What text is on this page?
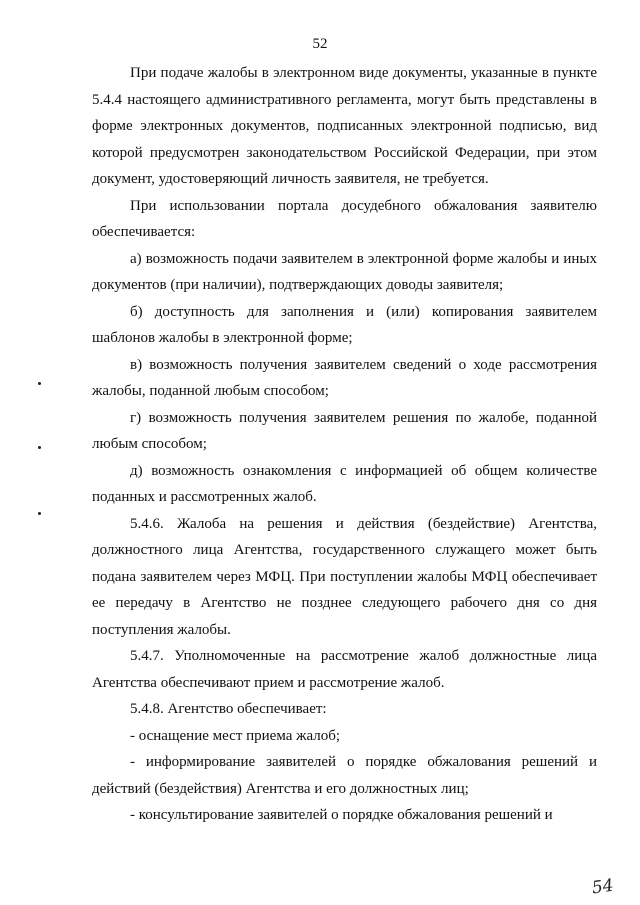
52

При подаче жалобы в электронном виде документы, указанные в пункте 5.4.4 настоящего административного регламента, могут быть представлены в форме электронных документов, подписанных электронной подписью, вид которой предусмотрен законодательством Российской Федерации, при этом документ, удостоверяющий личность заявителя, не требуется.

При использовании портала досудебного обжалования заявителю обеспечивается:

а) возможность подачи заявителем в электронной форме жалобы и иных документов (при наличии), подтверждающих доводы заявителя;

б) доступность для заполнения и (или) копирования заявителем шаблонов жалобы в электронной форме;

в) возможность получения заявителем сведений о ходе рассмотрения жалобы, поданной любым способом;

г) возможность получения заявителем решения по жалобе, поданной любым способом;

д) возможность ознакомления с информацией об общем количестве поданных и рассмотренных жалоб.

5.4.6. Жалоба на решения и действия (бездействие) Агентства, должностного лица Агентства, государственного служащего может быть подана заявителем через МФЦ. При поступлении жалобы МФЦ обеспечивает ее передачу в Агентство не позднее следующего рабочего дня со дня поступления жалобы.

5.4.7. Уполномоченные на рассмотрение жалоб должностные лица Агентства обеспечивают прием и рассмотрение жалоб.

5.4.8. Агентство обеспечивает:

- оснащение мест приема жалоб;

- информирование заявителей о порядке обжалования решений и действий (бездействия) Агентства и его должностных лиц;

- консультирование заявителей о порядке обжалования решений и

54
